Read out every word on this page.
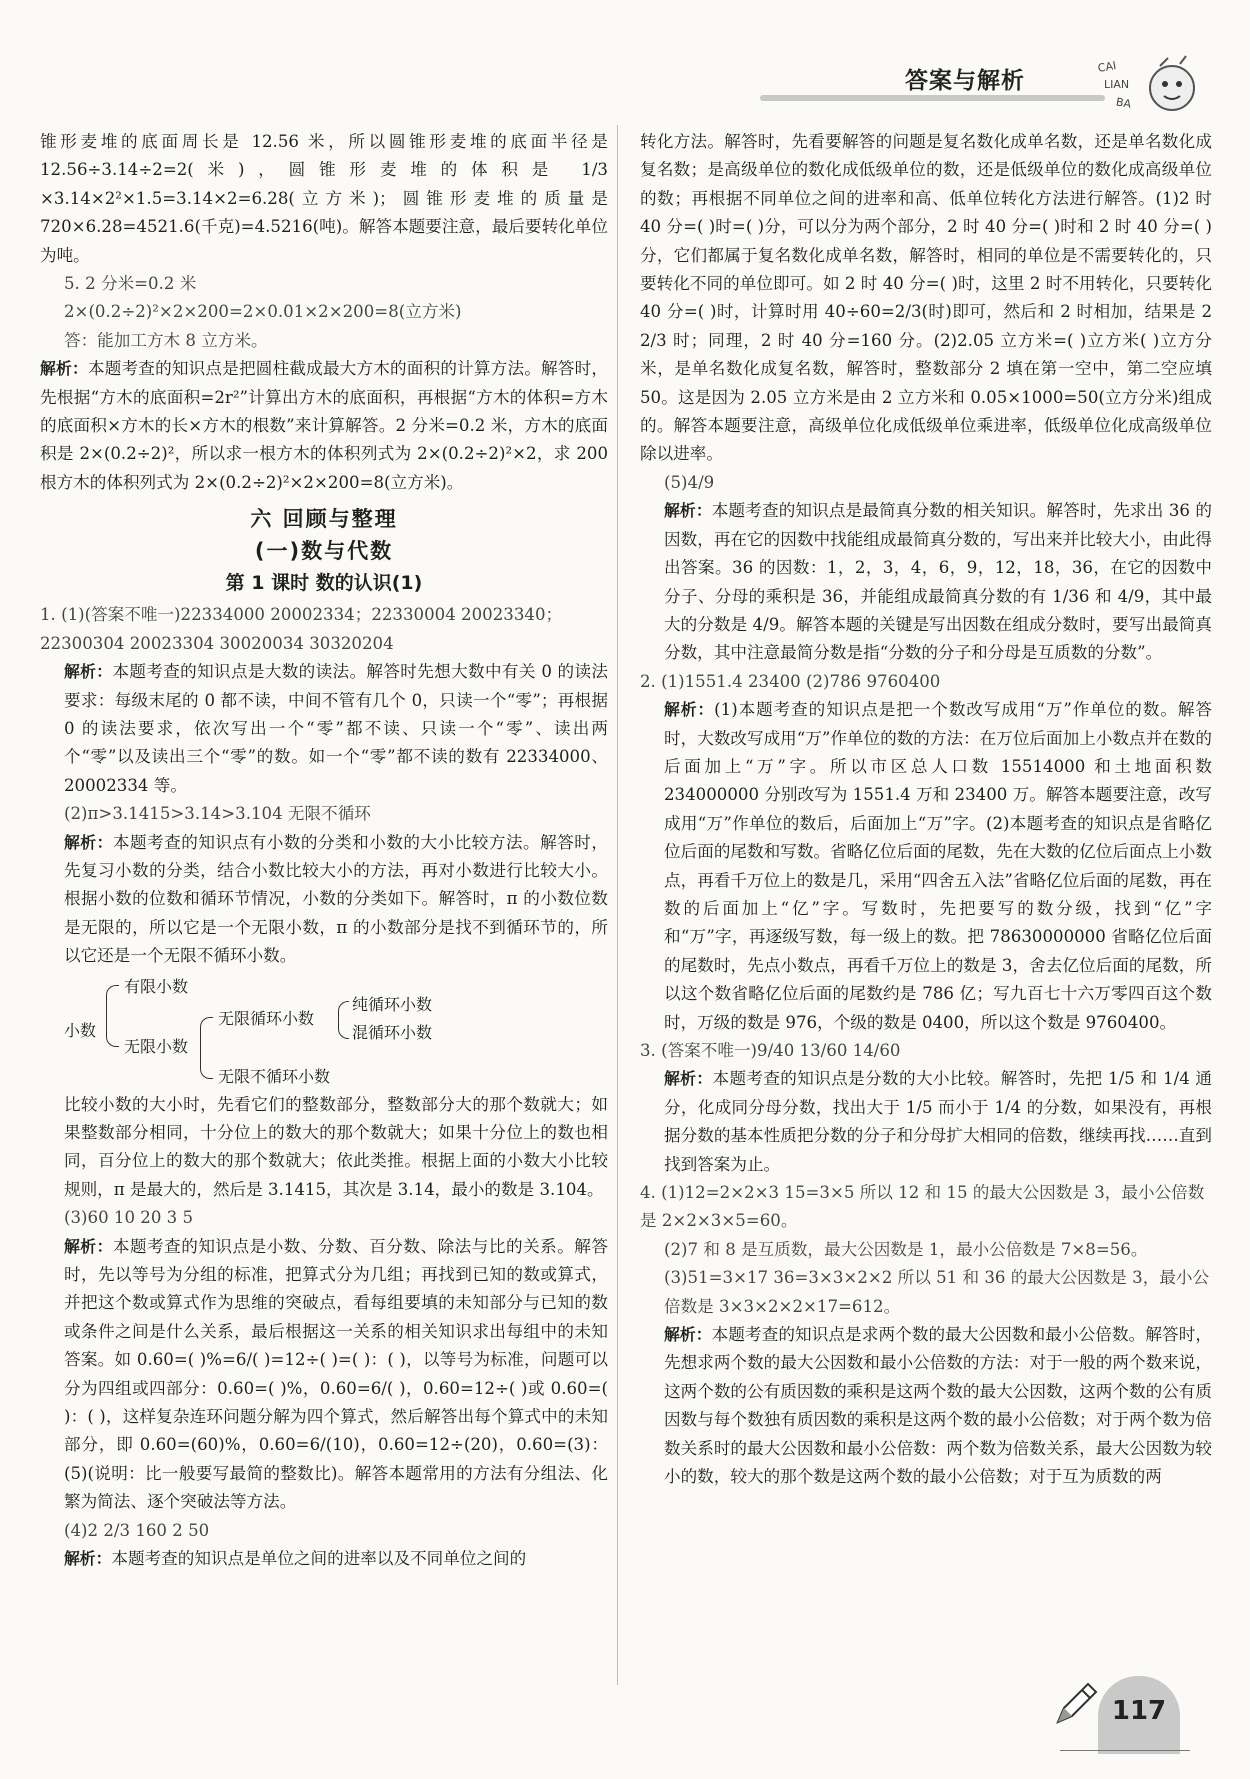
答案与解析
CAI
LIAN
BA

锥形麦堆的底面周长是 12.56 米，所以圆锥形麦堆的底面半径是 12.56÷3.14÷2=2(米)，圆锥形麦堆的体积是 1/3 ×3.14×2²×1.5=3.14×2=6.28(立方米)；圆锥形麦堆的质量是 720×6.28=4521.6(千克)=4.5216(吨)。解答本题要注意，最后要转化单位为吨。

5. 2 分米=0.2 米

2×(0.2÷2)²×2×200=2×0.01×2×200=8(立方米)

答：能加工方木 8 立方米。

解析：本题考查的知识点是把圆柱截成最大方木的面积的计算方法。解答时，先根据“方木的底面积=2r²”计算出方木的底面积，再根据“方木的体积=方木的底面积×方木的长×方木的根数”来计算解答。2 分米=0.2 米，方木的底面积是 2×(0.2÷2)²，所以求一根方木的体积列式为 2×(0.2÷2)²×2，求 200 根方木的体积列式为 2×(0.2÷2)²×2×200=8(立方米)。

六 回顾与整理

(一)数与代数

第 1 课时 数的认识(1)

1. (1)(答案不唯一)22334000 20002334；22330004 20023340；22300304 20023304 30020034 30320204

解析：本题考查的知识点是大数的读法。解答时先想大数中有关 0 的读法要求：每级末尾的 0 都不读，中间不管有几个 0，只读一个“零”；再根据 0 的读法要求，依次写出一个“零”都不读、只读一个“零”、读出两个“零”以及读出三个“零”的数。如一个“零”都不读的数有 22334000、20002334 等。

(2)π>3.1415>3.14>3.104 无限不循环

解析：本题考查的知识点有小数的分类和小数的大小比较方法。解答时，先复习小数的分类，结合小数比较大小的方法，再对小数进行比较大小。根据小数的位数和循环节情况，小数的分类如下。解答时，π 的小数位数是无限的，所以它是一个无限小数，π 的小数部分是找不到循环节的，所以它还是一个无限不循环小数。

小数
有限小数
无限小数
无限循环小数
无限不循环小数
纯循环小数
混循环小数

比较小数的大小时，先看它们的整数部分，整数部分大的那个数就大；如果整数部分相同，十分位上的数大的那个数就大；如果十分位上的数也相同，百分位上的数大的那个数就大；依此类推。根据上面的小数大小比较规则，π 是最大的，然后是 3.1415，其次是 3.14，最小的数是 3.104。

(3)60 10 20 3 5

解析：本题考查的知识点是小数、分数、百分数、除法与比的关系。解答时，先以等号为分组的标准，把算式分为几组；再找到已知的数或算式，并把这个数或算式作为思维的突破点，看每组要填的未知部分与已知的数或条件之间是什么关系，最后根据这一关系的相关知识求出每组中的未知答案。如 0.60=( )%=6/( )=12÷( )=( )：( )，以等号为标准，问题可以分为四组或四部分：0.60=( )%，0.60=6/( )，0.60=12÷( )或 0.60=( )：( )，这样复杂连环问题分解为四个算式，然后解答出每个算式中的未知部分，即 0.60=(60)%，0.60=6/(10)，0.60=12÷(20)，0.60=(3)：(5)(说明：比一般要写最简的整数比)。解答本题常用的方法有分组法、化繁为简法、逐个突破法等方法。

(4)2 2/3 160 2 50

解析：本题考查的知识点是单位之间的进率以及不同单位之间的

转化方法。解答时，先看要解答的问题是复名数化成单名数，还是单名数化成复名数；是高级单位的数化成低级单位的数，还是低级单位的数化成高级单位的数；再根据不同单位之间的进率和高、低单位转化方法进行解答。(1)2 时 40 分=( )时=( )分，可以分为两个部分，2 时 40 分=( )时和 2 时 40 分=( )分，它们都属于复名数化成单名数，解答时，相同的单位是不需要转化的，只要转化不同的单位即可。如 2 时 40 分=( )时，这里 2 时不用转化，只要转化 40 分=( )时，计算时用 40÷60=2/3(时)即可，然后和 2 时相加，结果是 2 2/3 时；同理，2 时 40 分=160 分。(2)2.05 立方米=( )立方米( )立方分米，是单名数化成复名数，解答时，整数部分 2 填在第一空中，第二空应填 50。这是因为 2.05 立方米是由 2 立方米和 0.05×1000=50(立方分米)组成的。解答本题要注意，高级单位化成低级单位乘进率，低级单位化成高级单位除以进率。

(5)4/9

解析：本题考查的知识点是最简真分数的相关知识。解答时，先求出 36 的因数，再在它的因数中找能组成最简真分数的，写出来并比较大小，由此得出答案。36 的因数：1，2，3，4，6，9，12，18，36，在它的因数中分子、分母的乘积是 36，并能组成最简真分数的有 1/36 和 4/9，其中最大的分数是 4/9。解答本题的关键是写出因数在组成分数时，要写出最简真分数，其中注意最简分数是指“分数的分子和分母是互质数的分数”。

2. (1)1551.4 23400 (2)786 9760400

解析：(1)本题考查的知识点是把一个数改写成用“万”作单位的数。解答时，大数改写成用“万”作单位的数的方法：在万位后面加上小数点并在数的后面加上“万”字。所以市区总人口数 15514000 和土地面积数 234000000 分别改写为 1551.4 万和 23400 万。解答本题要注意，改写成用“万”作单位的数后，后面加上“万”字。(2)本题考查的知识点是省略亿位后面的尾数和写数。省略亿位后面的尾数，先在大数的亿位后面点上小数点，再看千万位上的数是几，采用“四舍五入法”省略亿位后面的尾数，再在数的后面加上“亿”字。写数时，先把要写的数分级，找到“亿”字和“万”字，再逐级写数，每一级上的数。把 78630000000 省略亿位后面的尾数时，先点小数点，再看千万位上的数是 3，舍去亿位后面的尾数，所以这个数省略亿位后面的尾数约是 786 亿；写九百七十六万零四百这个数时，万级的数是 976，个级的数是 0400，所以这个数是 9760400。

3. (答案不唯一)9/40 13/60 14/60

解析：本题考查的知识点是分数的大小比较。解答时，先把 1/5 和 1/4 通分，化成同分母分数，找出大于 1/5 而小于 1/4 的分数，如果没有，再根据分数的基本性质把分数的分子和分母扩大相同的倍数，继续再找……直到找到答案为止。

4. (1)12=2×2×3 15=3×5 所以 12 和 15 的最大公因数是 3，最小公倍数是 2×2×3×5=60。

(2)7 和 8 是互质数，最大公因数是 1，最小公倍数是 7×8=56。

(3)51=3×17 36=3×3×2×2 所以 51 和 36 的最大公因数是 3，最小公倍数是 3×3×2×2×17=612。

解析：本题考查的知识点是求两个数的最大公因数和最小公倍数。解答时，先想求两个数的最大公因数和最小公倍数的方法：对于一般的两个数来说，这两个数的公有质因数的乘积是这两个数的最大公因数，这两个数的公有质因数与每个数独有质因数的乘积是这两个数的最小公倍数；对于两个数为倍数关系时的最大公因数和最小公倍数：两个数为倍数关系，最大公因数为较小的数，较大的那个数是这两个数的最小公倍数；对于互为质数的两

117
